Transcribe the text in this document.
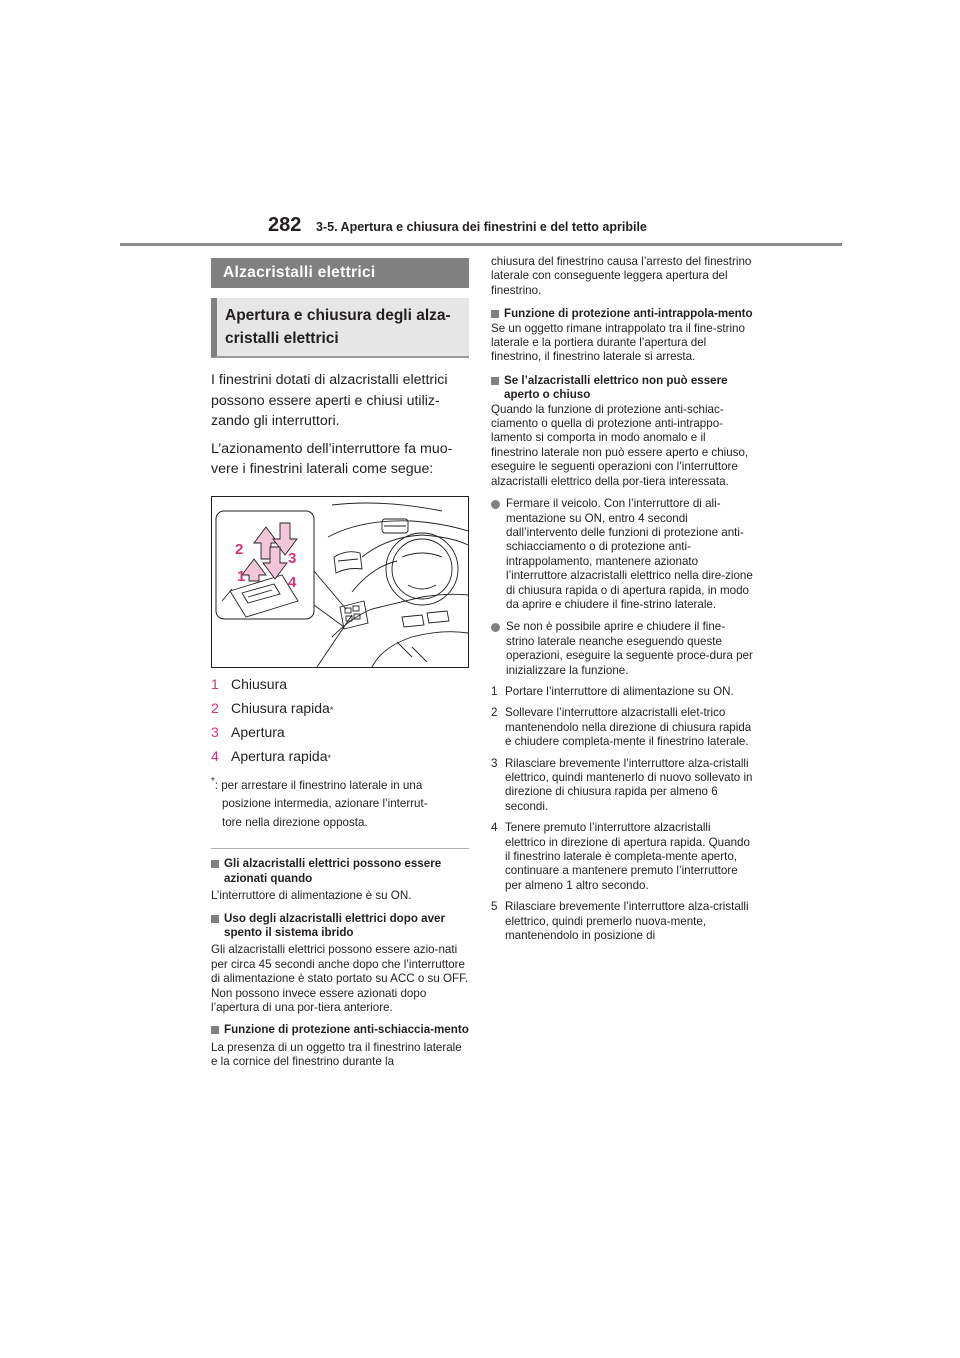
282 3-5. Apertura e chiusura dei finestrini e del tetto apribile
Alzacristalli elettrici
Apertura e chiusura degli alza-cristalli elettrici

I finestrini dotati di alzacristalli elettrici possono essere aperti e chiusi utiliz-zando gli interruttori.

L’azionamento dell’interruttore fa muo-vere i finestrini laterali come segue:

2
1
3
4
1 Chiusura
2 Chiusura rapida *
3 Apertura
4 Apertura rapida *
*: per arrestare il finestrino laterale in una
posizione intermedia, azionare l’interrut-
tore nella direzione opposta.
Gli alzacristalli elettrici possono essere azionati quando

L’interruttore di alimentazione è su ON.

Uso degli alzacristalli elettrici dopo aver spento il sistema ibrido

Gli alzacristalli elettrici possono essere azio-nati per circa 45 secondi anche dopo che l’interruttore di alimentazione è stato portato su ACC o su OFF. Non possono invece essere azionati dopo l’apertura di una por-tiera anteriore.

Funzione di protezione anti-schiaccia-mento

La presenza di un oggetto tra il finestrino laterale e la cornice del finestrino durante la

chiusura del finestrino causa l’arresto del finestrino laterale con conseguente leggera apertura del finestrino.

Funzione di protezione anti-intrappola-mento

Se un oggetto rimane intrappolato tra il fine-strino laterale e la portiera durante l’apertura del finestrino, il finestrino laterale si arresta.

Se l’alzacristalli elettrico non può essere aperto o chiuso

Quando la funzione di protezione anti-schiac-ciamento o quella di protezione anti-intrappo-lamento si comporta in modo anomalo e il finestrino laterale non può essere aperto e chiuso, eseguire le seguenti operazioni con l’interruttore alzacristalli elettrico della por-tiera interessata.

Fermare il veicolo. Con l’interruttore di ali-mentazione su ON, entro 4 secondi dall’intervento delle funzioni di protezione anti-schiacciamento o di protezione anti-intrappolamento, mantenere azionato l’interruttore alzacristalli elettrico nella dire-zione di chiusura rapida o di apertura rapida, in modo da aprire e chiudere il fine-strino laterale.
Se non è possibile aprire e chiudere il fine-strino laterale neanche eseguendo queste operazioni, eseguire la seguente proce-dura per inizializzare la funzione.
1 Portare l’interruttore di alimentazione su ON.
2 Sollevare l’interruttore alzacristalli elet-trico mantenendolo nella direzione di chiusura rapida e chiudere completa-mente il finestrino laterale.
3 Rilasciare brevemente l’interruttore alza-cristalli elettrico, quindi mantenerlo di nuovo sollevato in direzione di chiusura rapida per almeno 6 secondi.
4 Tenere premuto l’interruttore alzacristalli elettrico in direzione di apertura rapida. Quando il finestrino laterale è completa-mente aperto, continuare a mantenere premuto l’interruttore per almeno 1 altro secondo.
5 Rilasciare brevemente l’interruttore alza-cristalli elettrico, quindi premerlo nuova-mente, mantenendolo in posizione di
